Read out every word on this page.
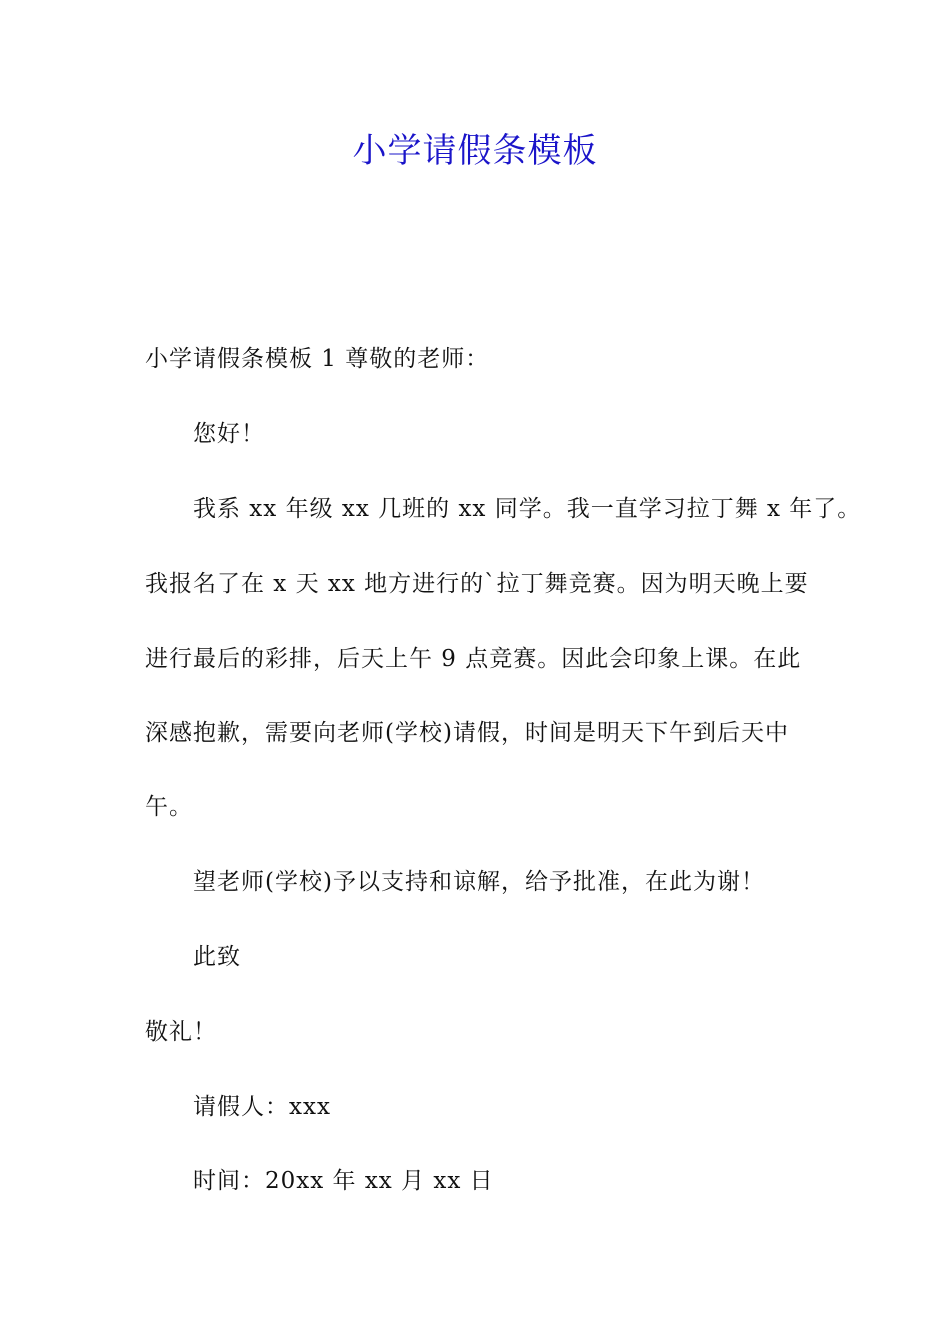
小学请假条模板
小学请假条模板 1 尊敬的老师：
您好！
我系 xx 年级 xx 几班的 xx 同学。我一直学习拉丁舞 x 年了。
我报名了在 x 天 xx 地方进行的`拉丁舞竞赛。因为明天晚上要
进行最后的彩排，后天上午 9 点竞赛。因此会印象上课。在此
深感抱歉，需要向老师(学校)请假，时间是明天下午到后天中
午。
望老师(学校)予以支持和谅解，给予批准，在此为谢！
此致
敬礼！
请假人：xxx
时间：20xx 年 xx 月 xx 日
